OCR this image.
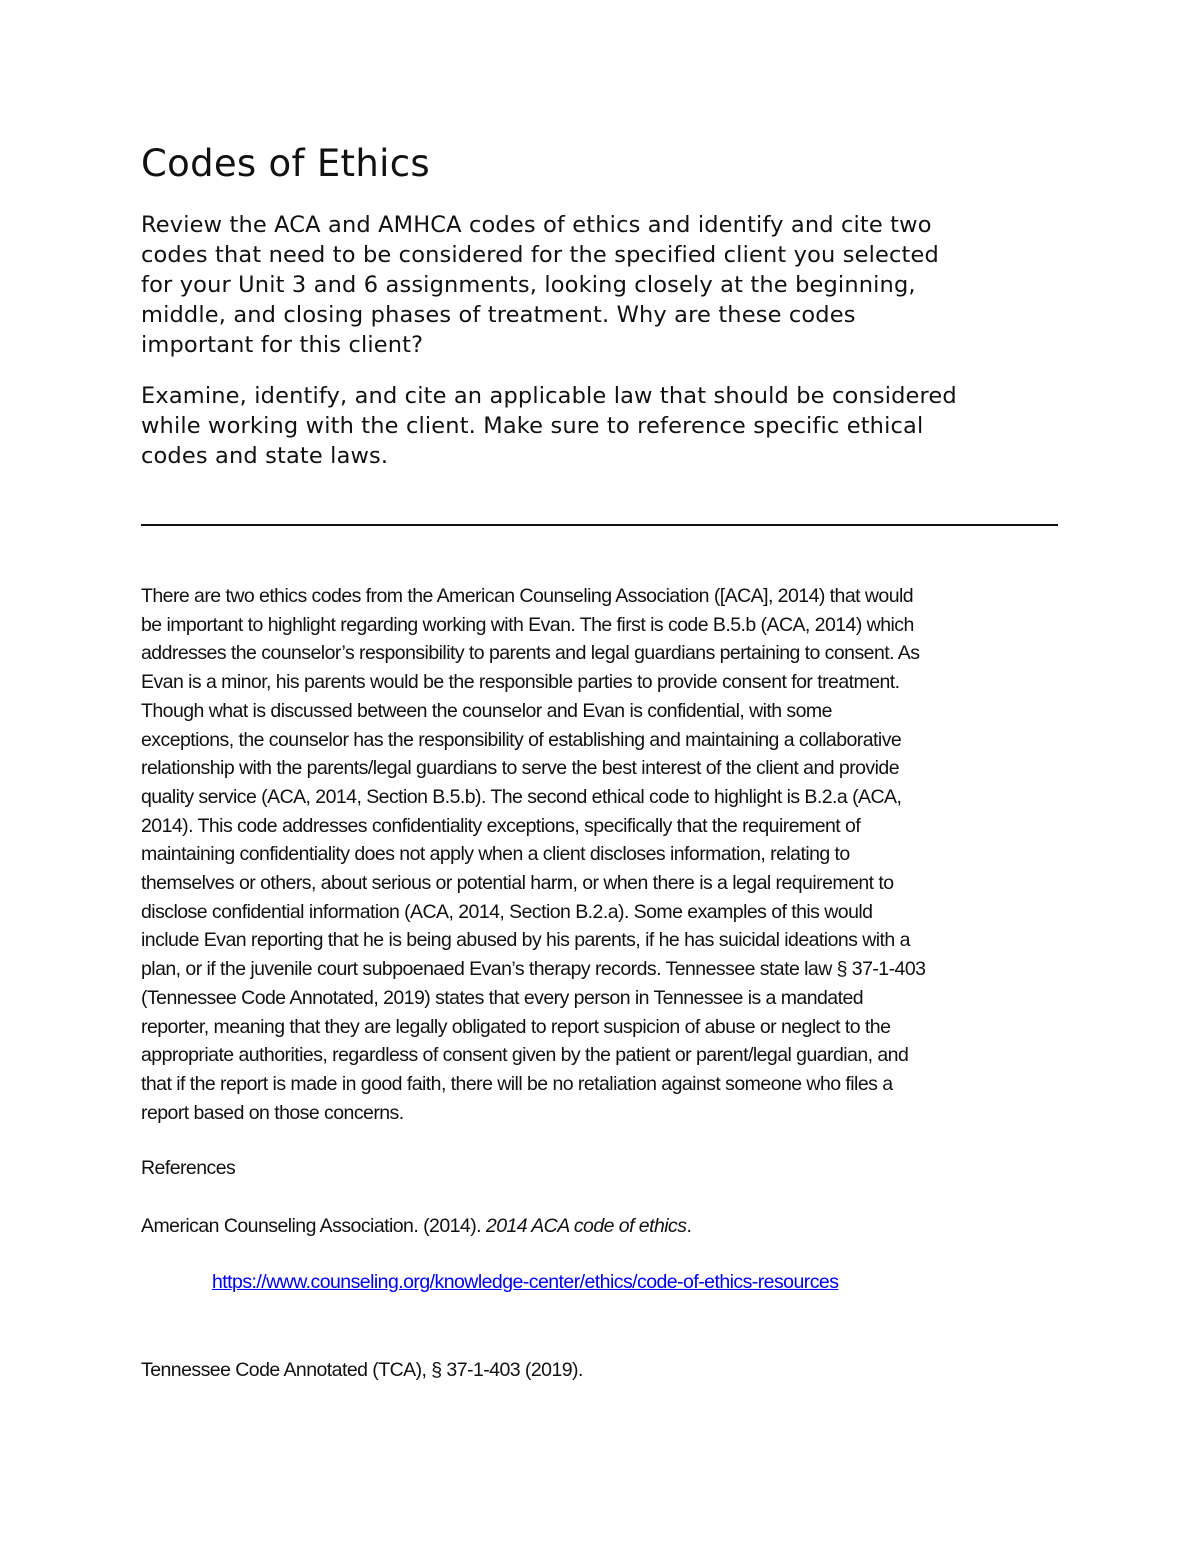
Codes of Ethics
Review the ACA and AMHCA codes of ethics and identify and cite two
codes that need to be considered for the specified client you selected
for your Unit 3 and 6 assignments, looking closely at the beginning,
middle, and closing phases of treatment. Why are these codes
important for this client?
Examine, identify, and cite an applicable law that should be considered
while working with the client. Make sure to reference specific ethical
codes and state laws.
There are two ethics codes from the American Counseling Association ([ACA], 2014) that would
be important to highlight regarding working with Evan. The first is code B.5.b (ACA, 2014) which
addresses the counselor’s responsibility to parents and legal guardians pertaining to consent. As
Evan is a minor, his parents would be the responsible parties to provide consent for treatment.
Though what is discussed between the counselor and Evan is confidential, with some
exceptions, the counselor has the responsibility of establishing and maintaining a collaborative
relationship with the parents/legal guardians to serve the best interest of the client and provide
quality service (ACA, 2014, Section B.5.b). The second ethical code to highlight is B.2.a (ACA,
2014). This code addresses confidentiality exceptions, specifically that the requirement of
maintaining confidentiality does not apply when a client discloses information, relating to
themselves or others, about serious or potential harm, or when there is a legal requirement to
disclose confidential information (ACA, 2014, Section B.2.a). Some examples of this would
include Evan reporting that he is being abused by his parents, if he has suicidal ideations with a
plan, or if the juvenile court subpoenaed Evan’s therapy records. Tennessee state law § 37-1-403
(Tennessee Code Annotated, 2019) states that every person in Tennessee is a mandated
reporter, meaning that they are legally obligated to report suspicion of abuse or neglect to the
appropriate authorities, regardless of consent given by the patient or parent/legal guardian, and
that if the report is made in good faith, there will be no retaliation against someone who files a
report based on those concerns.
References
American Counseling Association. (2014). 2014 ACA code of ethics.
https://www.counseling.org/knowledge-center/ethics/code-of-ethics-resources
Tennessee Code Annotated (TCA), § 37-1-403 (2019).
